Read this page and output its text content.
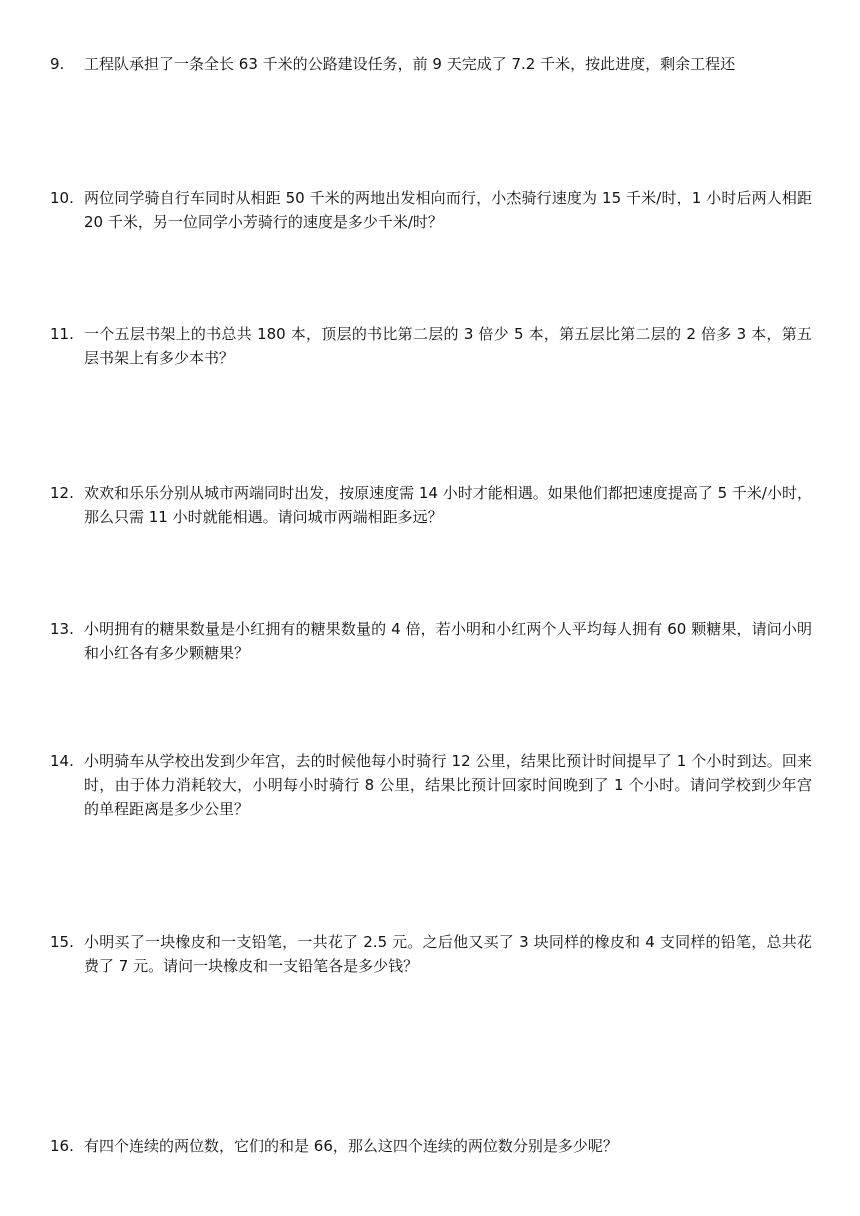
9.	工程队承担了一条全长 63 千米的公路建设任务，前 9 天完成了 7.2 千米，按此进度，剩余工程还
10. 两位同学骑自行车同时从相距 50 千米的两地出发相向而行，小杰骑行速度为 15 千米/时，1 小时后两人相距 20 千米，另一位同学小芳骑行的速度是多少千米/时？
11. 一个五层书架上的书总共 180 本，顶层的书比第二层的 3 倍少 5 本，第五层比第二层的 2 倍多 3 本，第五层书架上有多少本书？
12. 欢欢和乐乐分别从城市两端同时出发，按原速度需 14 小时才能相遇。如果他们都把速度提高了 5 千米/小时，那么只需 11 小时就能相遇。请问城市两端相距多远？
13. 小明拥有的糖果数量是小红拥有的糖果数量的 4 倍，若小明和小红两个人平均每人拥有 60 颗糖果，请问小明和小红各有多少颗糖果？
14. 小明骑车从学校出发到少年宫，去的时候他每小时骑行 12 公里，结果比预计时间提早了 1 个小时到达。回来时，由于体力消耗较大，小明每小时骑行 8 公里，结果比预计回家时间晚到了 1 个小时。请问学校到少年宫的单程距离是多少公里？
15. 小明买了一块橡皮和一支铅笔，一共花了 2.5 元。之后他又买了 3 块同样的橡皮和 4 支同样的铅笔，总共花费了 7 元。请问一块橡皮和一支铅笔各是多少钱？
16. 有四个连续的两位数，它们的和是 66，那么这四个连续的两位数分别是多少呢？
